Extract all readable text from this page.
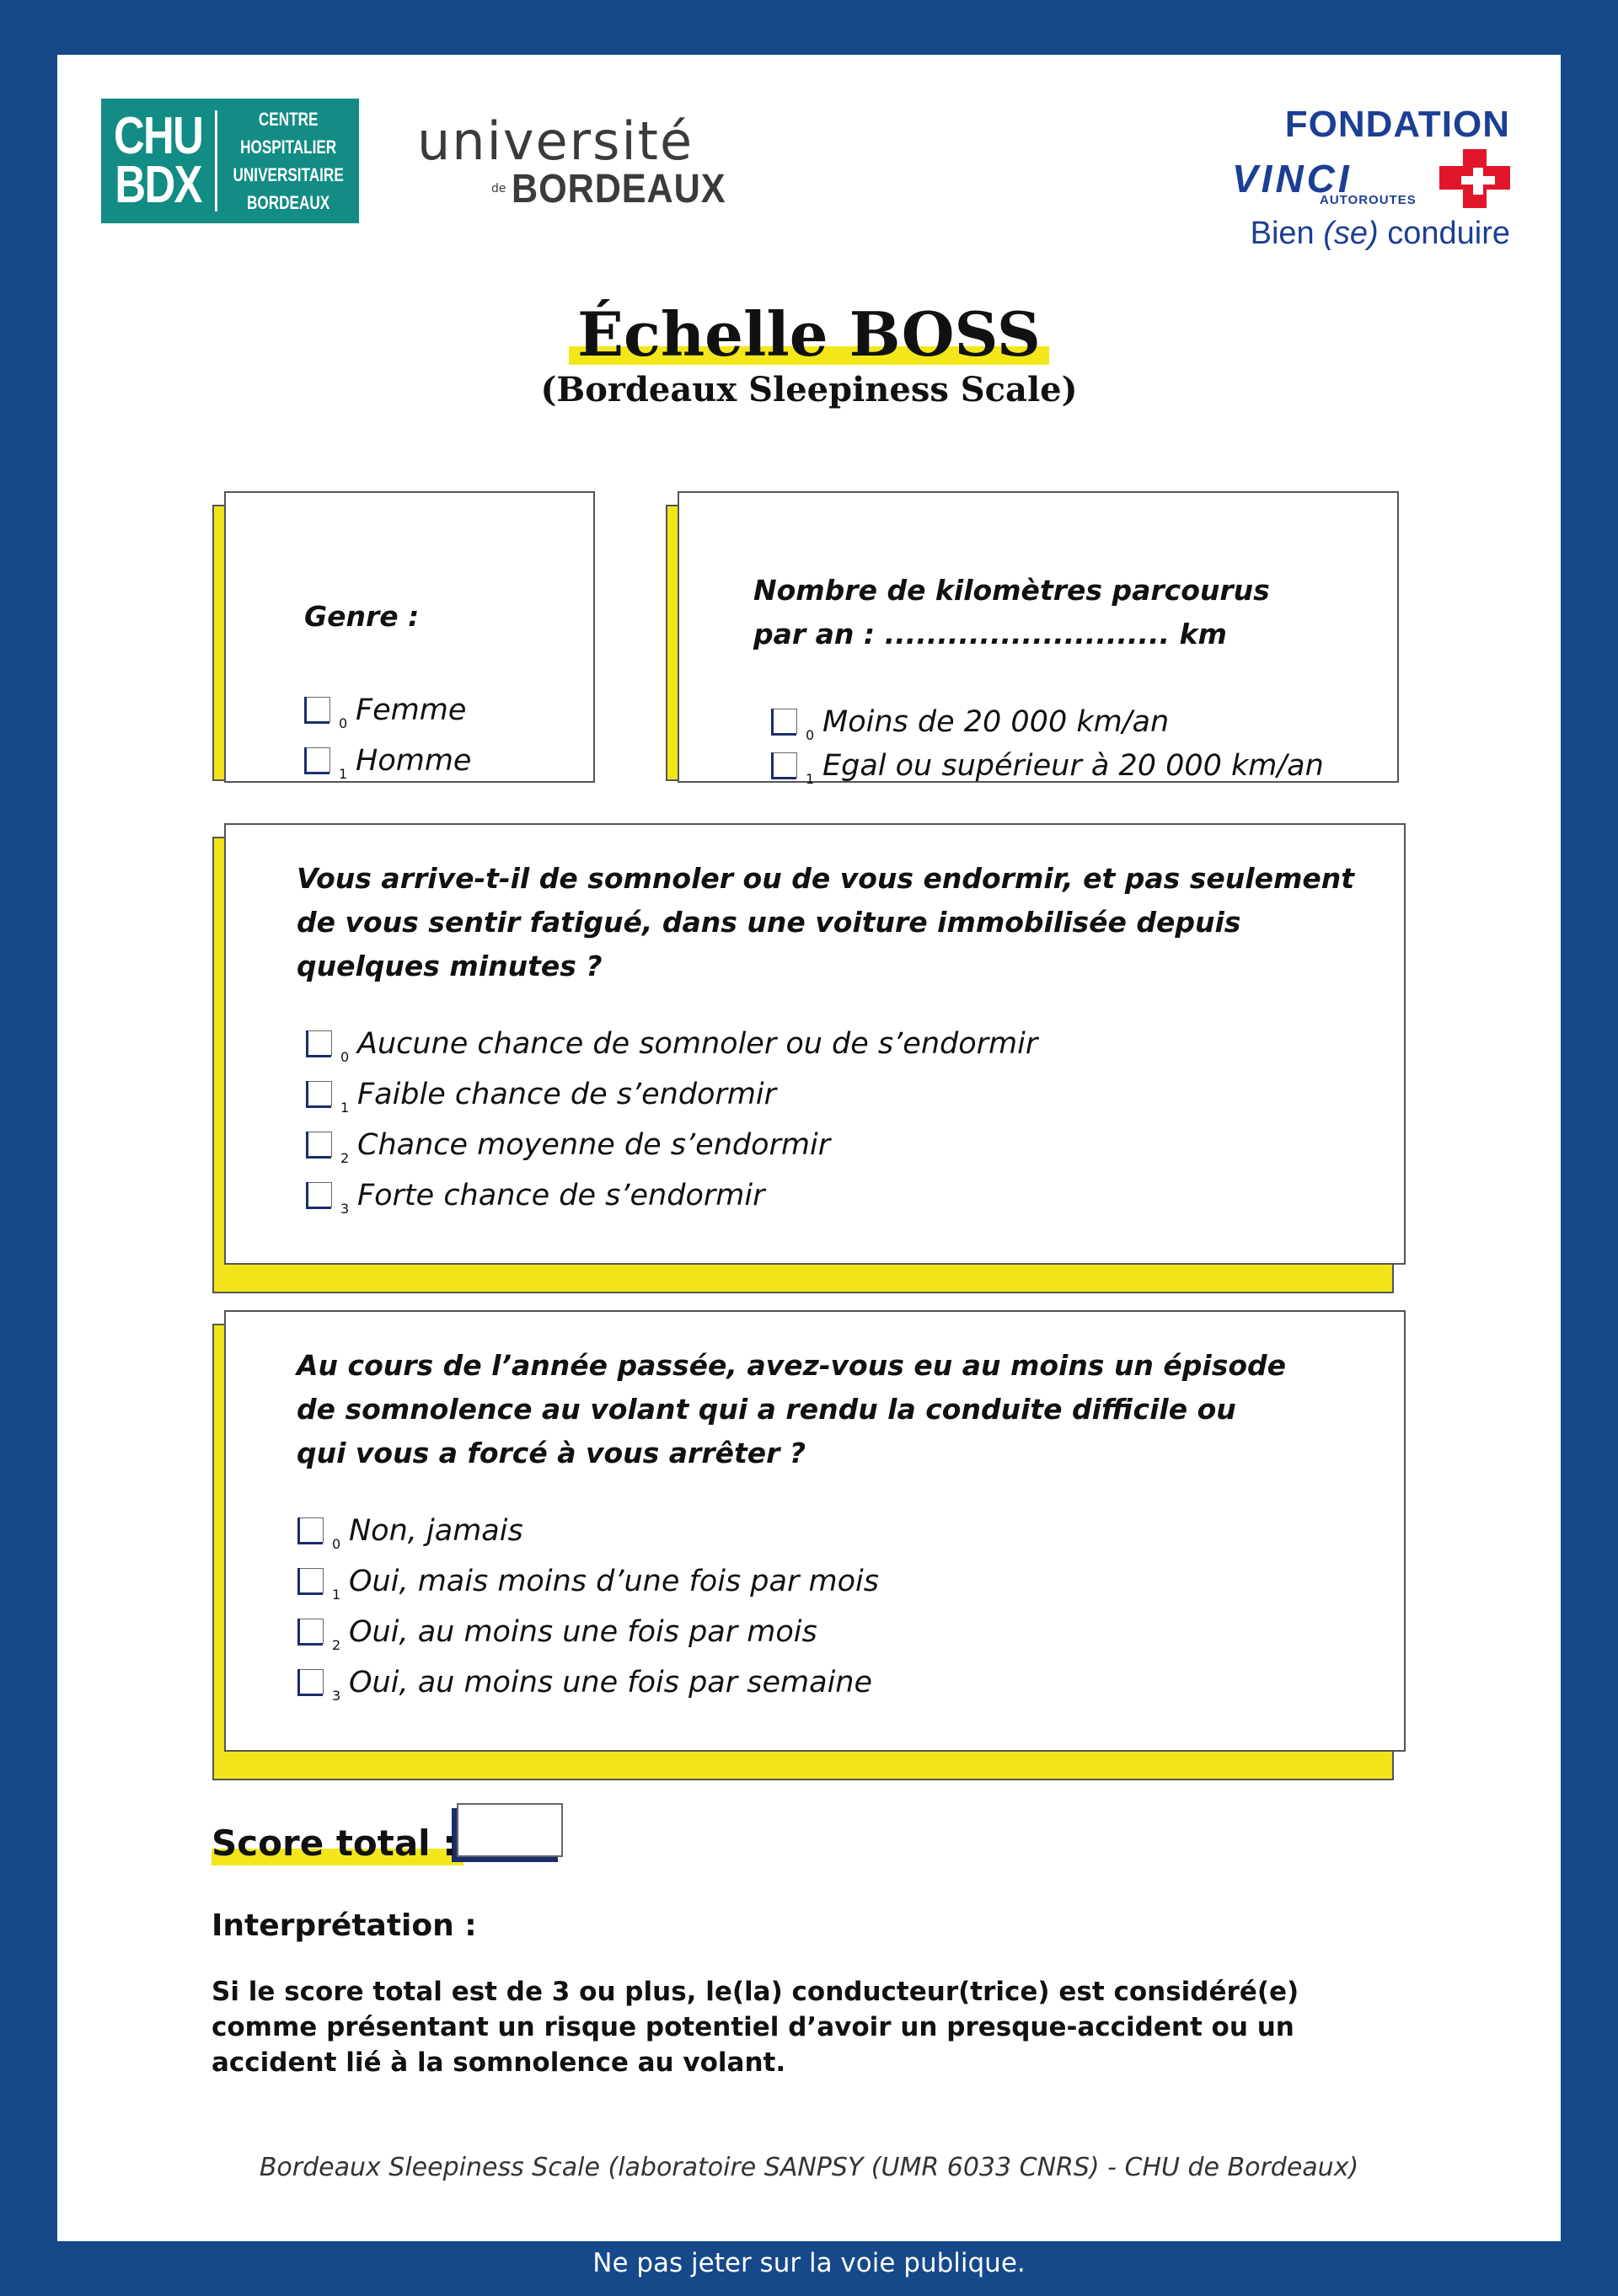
CHU
BDX
CENTRE
HOSPITALIER
UNIVERSITAIRE
BORDEAUX
université
de BORDEAUX
FONDATION
VINCI
AUTOROUTES
Bien (se) conduire
Échelle BOSS
(Bordeaux Sleepiness Scale)
Genre :
0 Femme
1 Homme
Nombre de kilomètres parcourus
par an : ........................... km
0 Moins de 20 000 km/an
1 Egal ou supérieur à 20 000 km/an
Vous arrive-t-il de somnoler ou de vous endormir, et pas seulement
de vous sentir fatigué, dans une voiture immobilisée depuis
quelques minutes ?
0 Aucune chance de somnoler ou de s’endormir
1 Faible chance de s’endormir
2 Chance moyenne de s’endormir
3 Forte chance de s’endormir
Au cours de l’année passée, avez-vous eu au moins un épisode
de somnolence au volant qui a rendu la conduite difficile ou
qui vous a forcé à vous arrêter ?
0 Non, jamais
1 Oui, mais moins d’une fois par mois
2 Oui, au moins une fois par mois
3 Oui, au moins une fois par semaine
Score total :
Interprétation :
Si le score total est de 3 ou plus, le(la) conducteur(trice) est considéré(e) comme présentant un risque potentiel d’avoir un presque-accident ou un accident lié à la somnolence au volant.
Bordeaux Sleepiness Scale (laboratoire SANPSY (UMR 6033 CNRS) - CHU de Bordeaux)
Ne pas jeter sur la voie publique.
